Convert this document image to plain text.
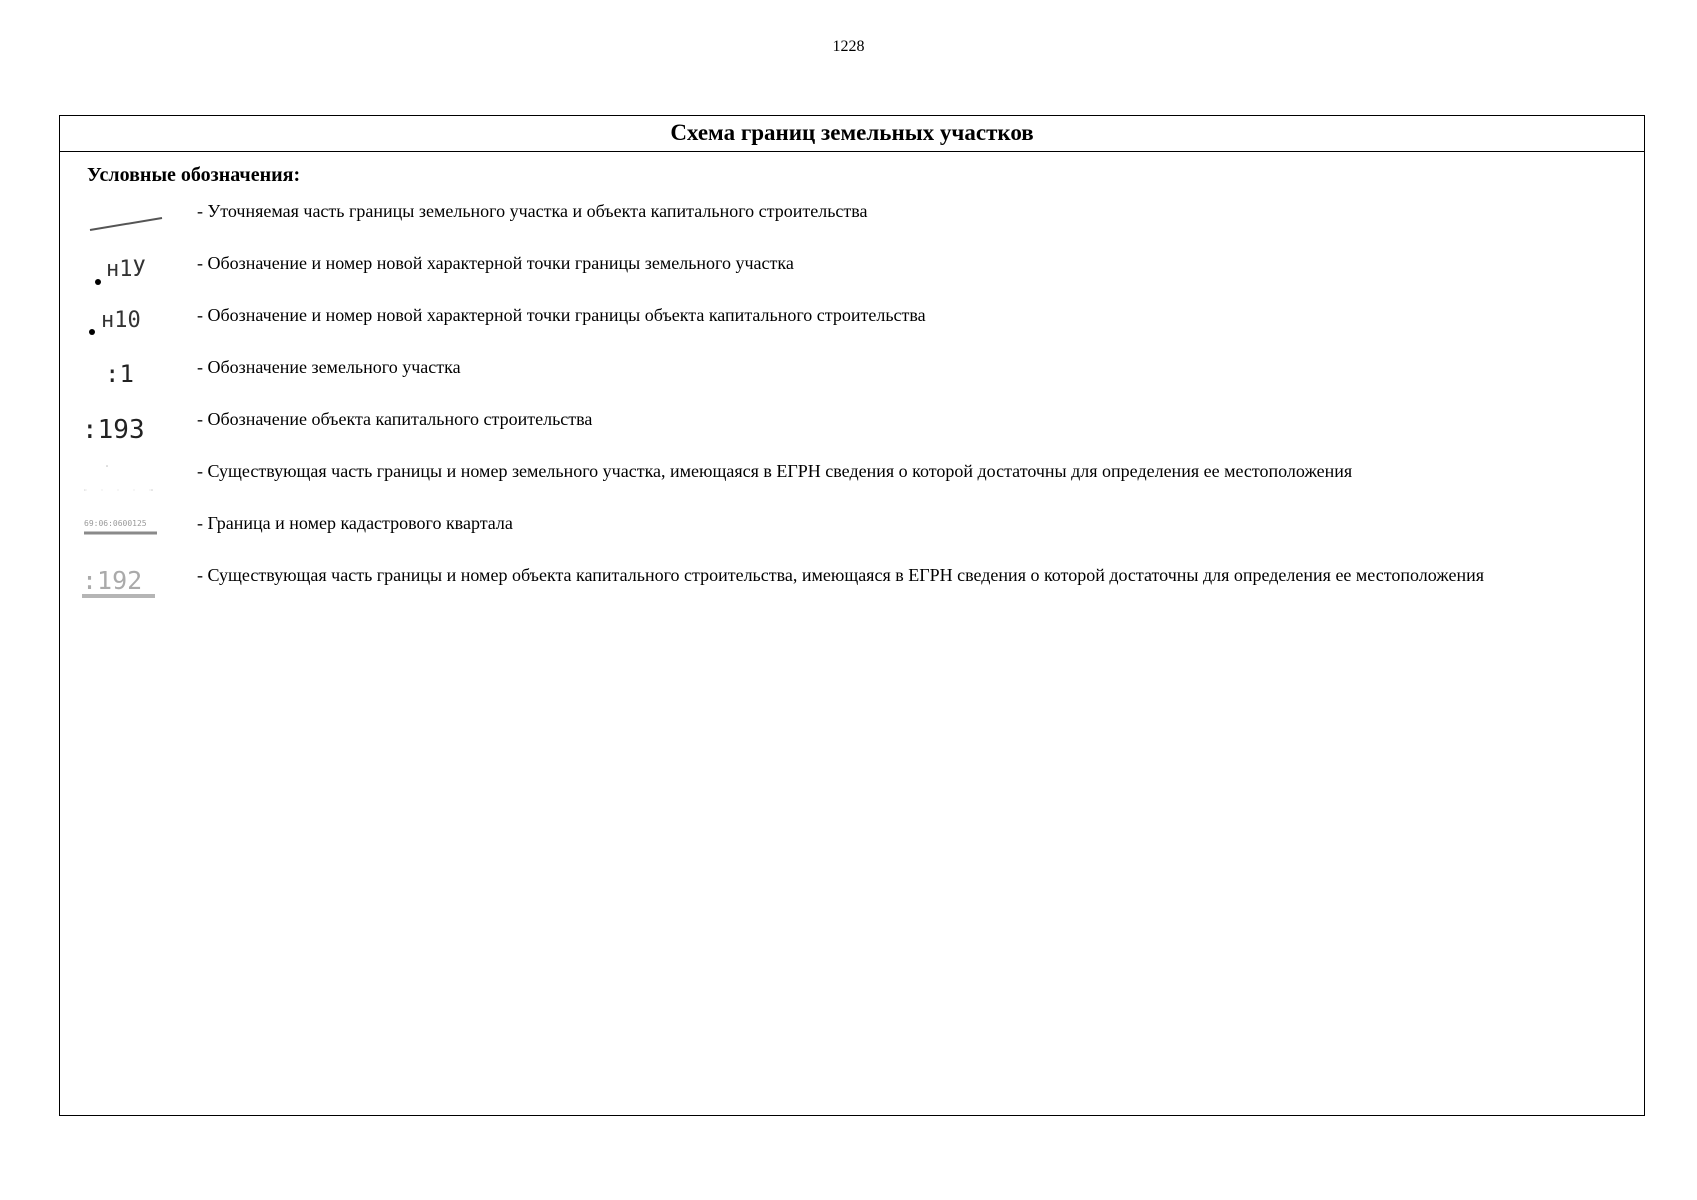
1228
Схема границ земельных участков
Условные обозначения:
- Уточняемая часть границы земельного участка и объекта капитального строительства
н1У	- Обозначение и номер новой характерной точки границы земельного участка
н10	- Обозначение и номер новой характерной точки границы объекта капитального строительства
:1	- Обозначение земельного участка
:193	- Обозначение объекта капитального строительства
- Существующая часть границы и номер земельного участка, имеющаяся в ЕГРН сведения о которой достаточны для определения ее местоположения
69:06:0600125	- Граница и номер кадастрового квартала
:192	- Существующая часть границы и номер объекта капитального строительства, имеющаяся в ЕГРН сведения о которой достаточны для определения ее местоположения
